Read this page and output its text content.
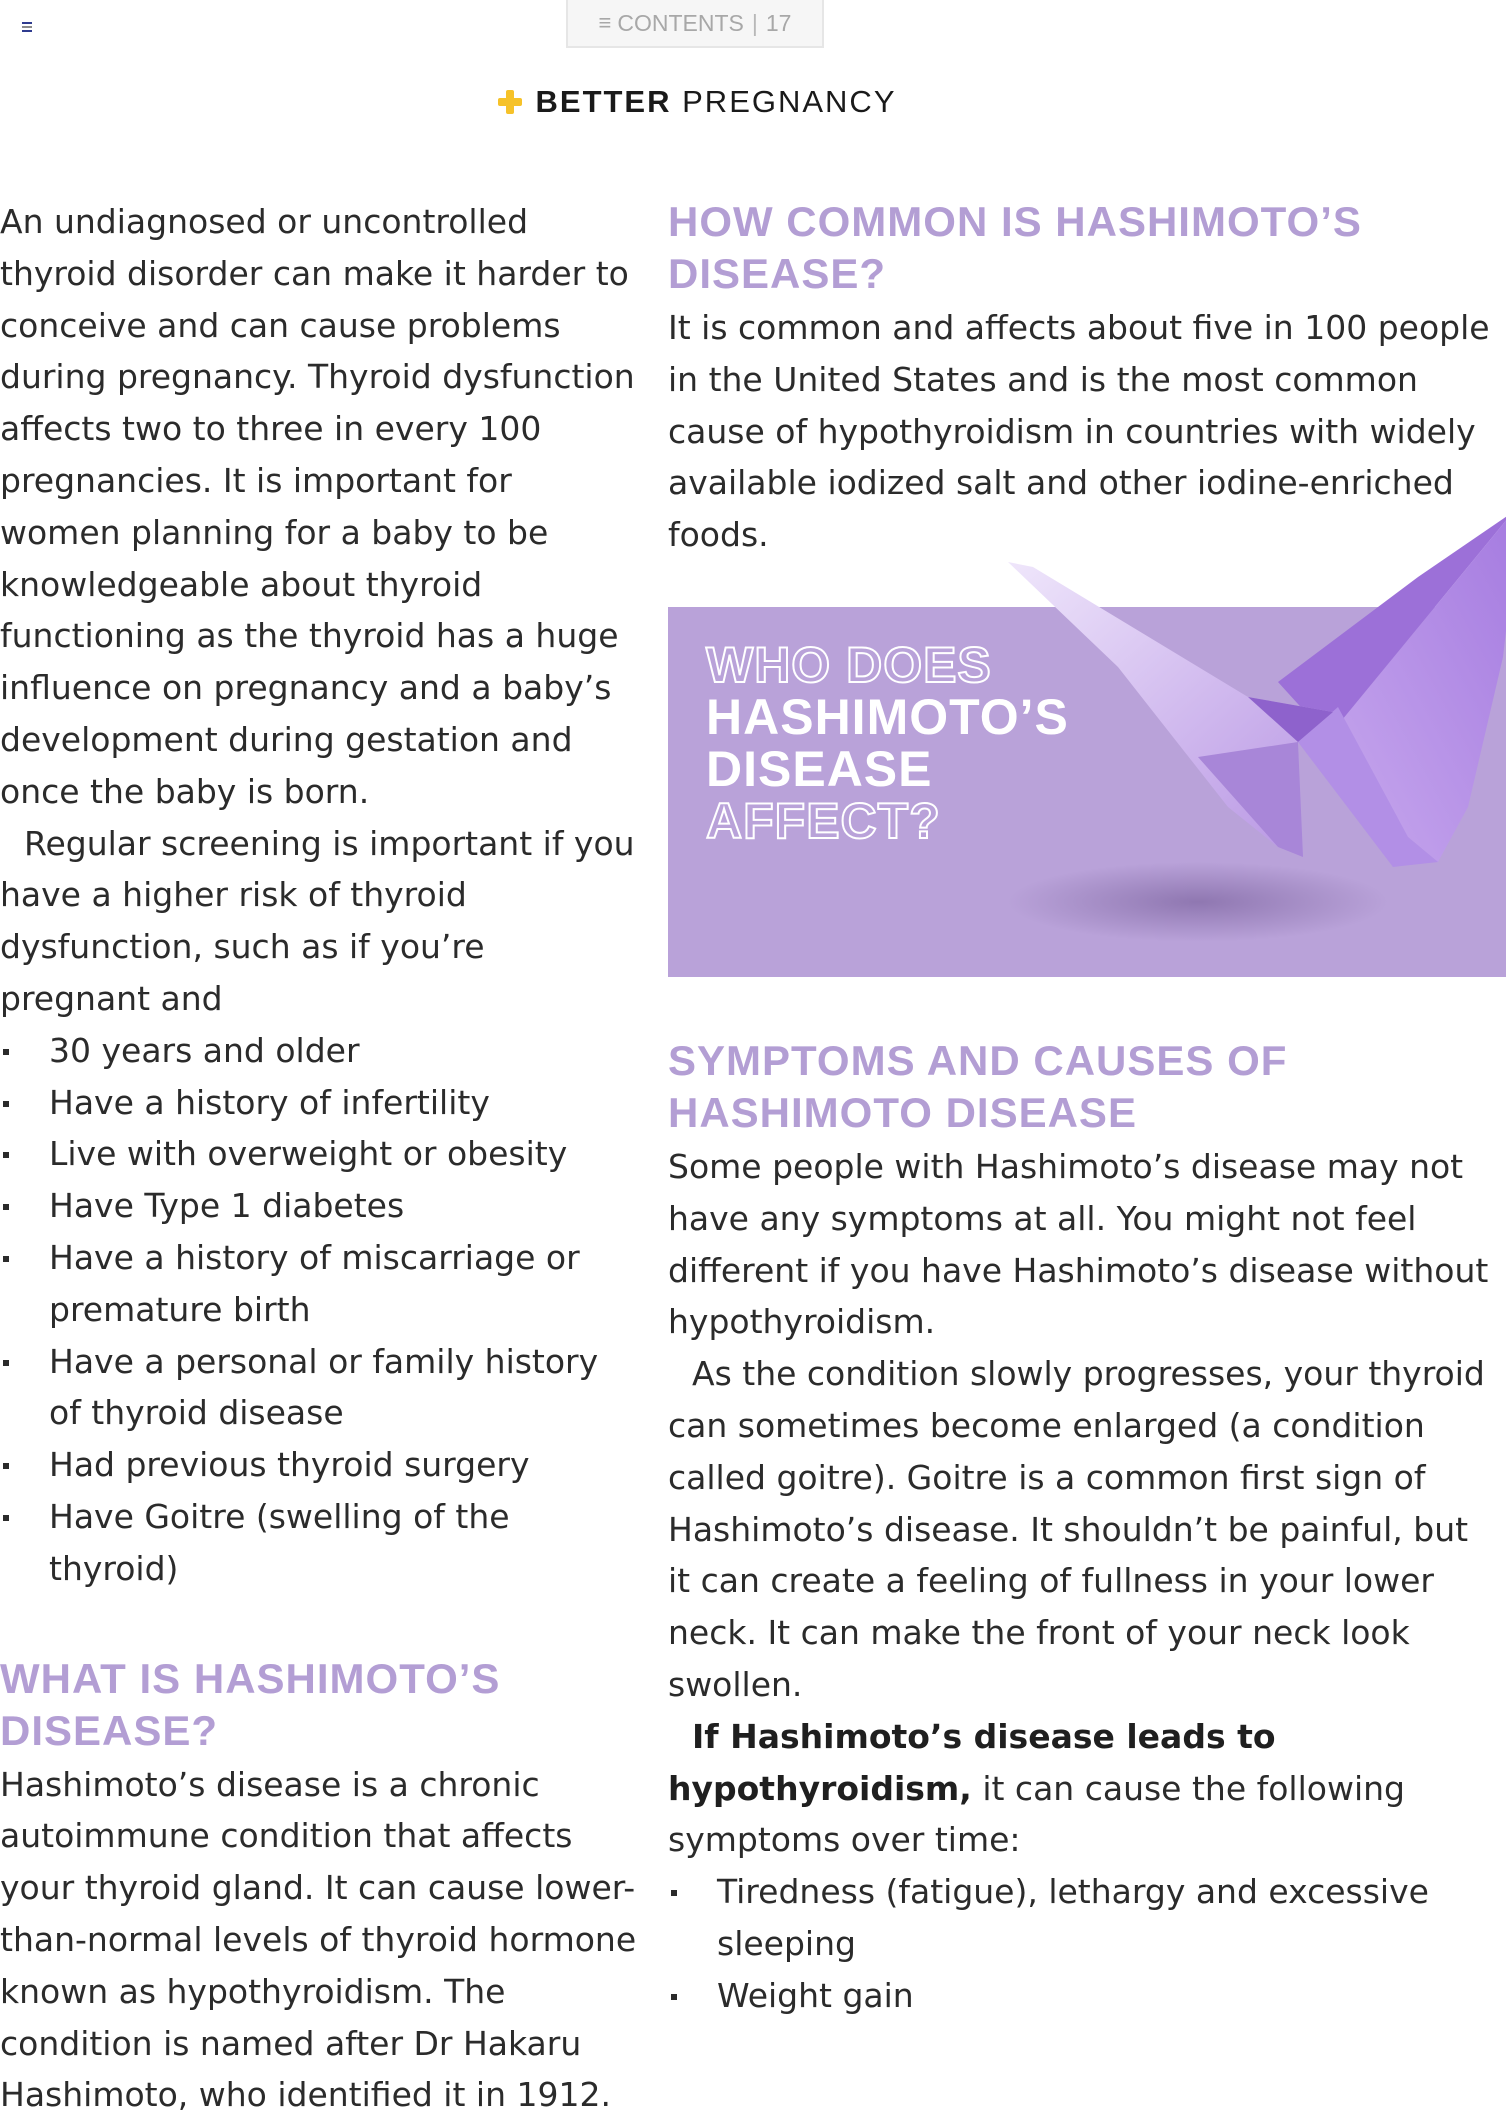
≡ CONTENTS | 17
BETTER PREGNANCY

An undiagnosed or uncontrolled thyroid disorder can make it harder to conceive and can cause problems during pregnancy. Thyroid dysfunction affects two to three in every 100 pregnancies. It is important for women planning for a baby to be knowledgeable about thyroid functioning as the thyroid has a huge influence on pregnancy and a baby’s development during gestation and once the baby is born.

Regular screening is important if you have a higher risk of thyroid dysfunction, such as if you’re pregnant and

30 years and older
Have a history of infertility
Live with overweight or obesity
Have Type 1 diabetes
Have a history of miscarriage or premature birth
Have a personal or family history of thyroid disease
Had previous thyroid surgery
Have Goitre (swelling of the thyroid)
WHAT IS HASHIMOTO’S DISEASE?

Hashimoto’s disease is a chronic autoimmune condition that affects your thyroid gland. It can cause lower-than-normal levels of thyroid hormone known as hypothyroidism. The condition is named after Dr Hakaru Hashimoto, who identified it in 1912.

HOW COMMON IS HASHIMOTO’S DISEASE?

It is common and affects about five in 100 people in the United States and is the most common cause of hypothyroidism in countries with widely available iodized salt and other iodine-enriched foods.

WHO DOES
HASHIMOTO’S
DISEASE
AFFECT?
SYMPTOMS AND CAUSES OF HASHIMOTO DISEASE

Some people with Hashimoto’s disease may not have any symptoms at all. You might not feel different if you have Hashimoto’s disease without hypothyroidism.

As the condition slowly progresses, your thyroid can sometimes become enlarged (a condition called goitre). Goitre is a common first sign of Hashimoto’s disease. It shouldn’t be painful, but it can create a feeling of fullness in your lower neck. It can make the front of your neck look swollen.

If Hashimoto’s disease leads to hypothyroidism, it can cause the following symptoms over time:

Tiredness (fatigue), lethargy and excessive sleeping
Weight gain
